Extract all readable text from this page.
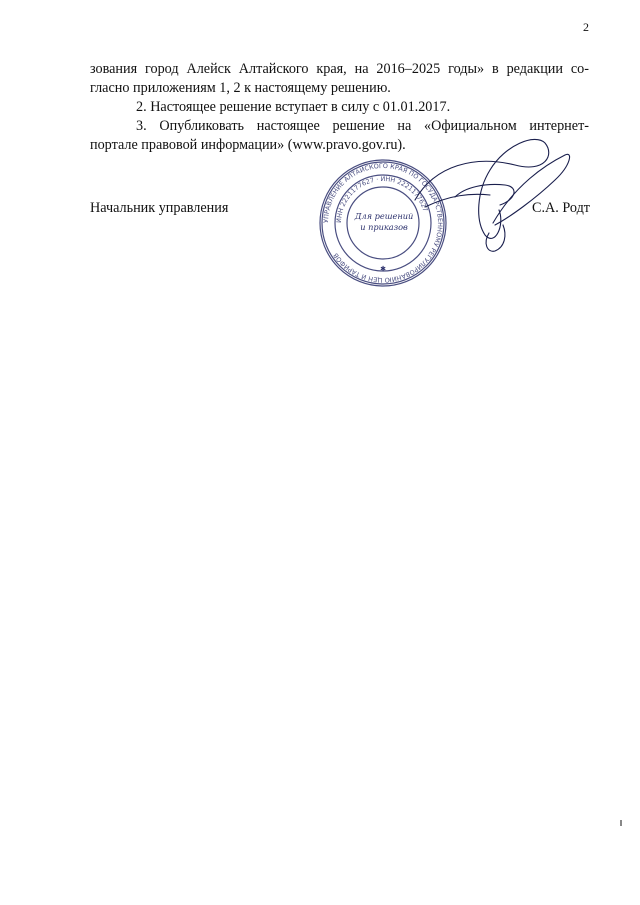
2
зования город Алейск Алтайского края, на 2016–2025 годы» в редакции со-
гласно приложениям 1, 2 к настоящему решению.
2. Настоящее решение вступает в силу с 01.01.2017.
3. Опубликовать настоящее решение на «Официальном интернет-
портале правовой информации» (www.pravo.gov.ru).
УПРАВЛЕНИЕ АЛТАЙСКОГО КРАЯ ПО ГОСУДАРСТВЕННОМУ РЕГУЛИРОВАНИЮ ЦЕН И ТАРИФОВ
ИНН 2221177627 · ИНН 2221177627
Для решений
и приказов
✱
Начальник управления	С.А. Родт
